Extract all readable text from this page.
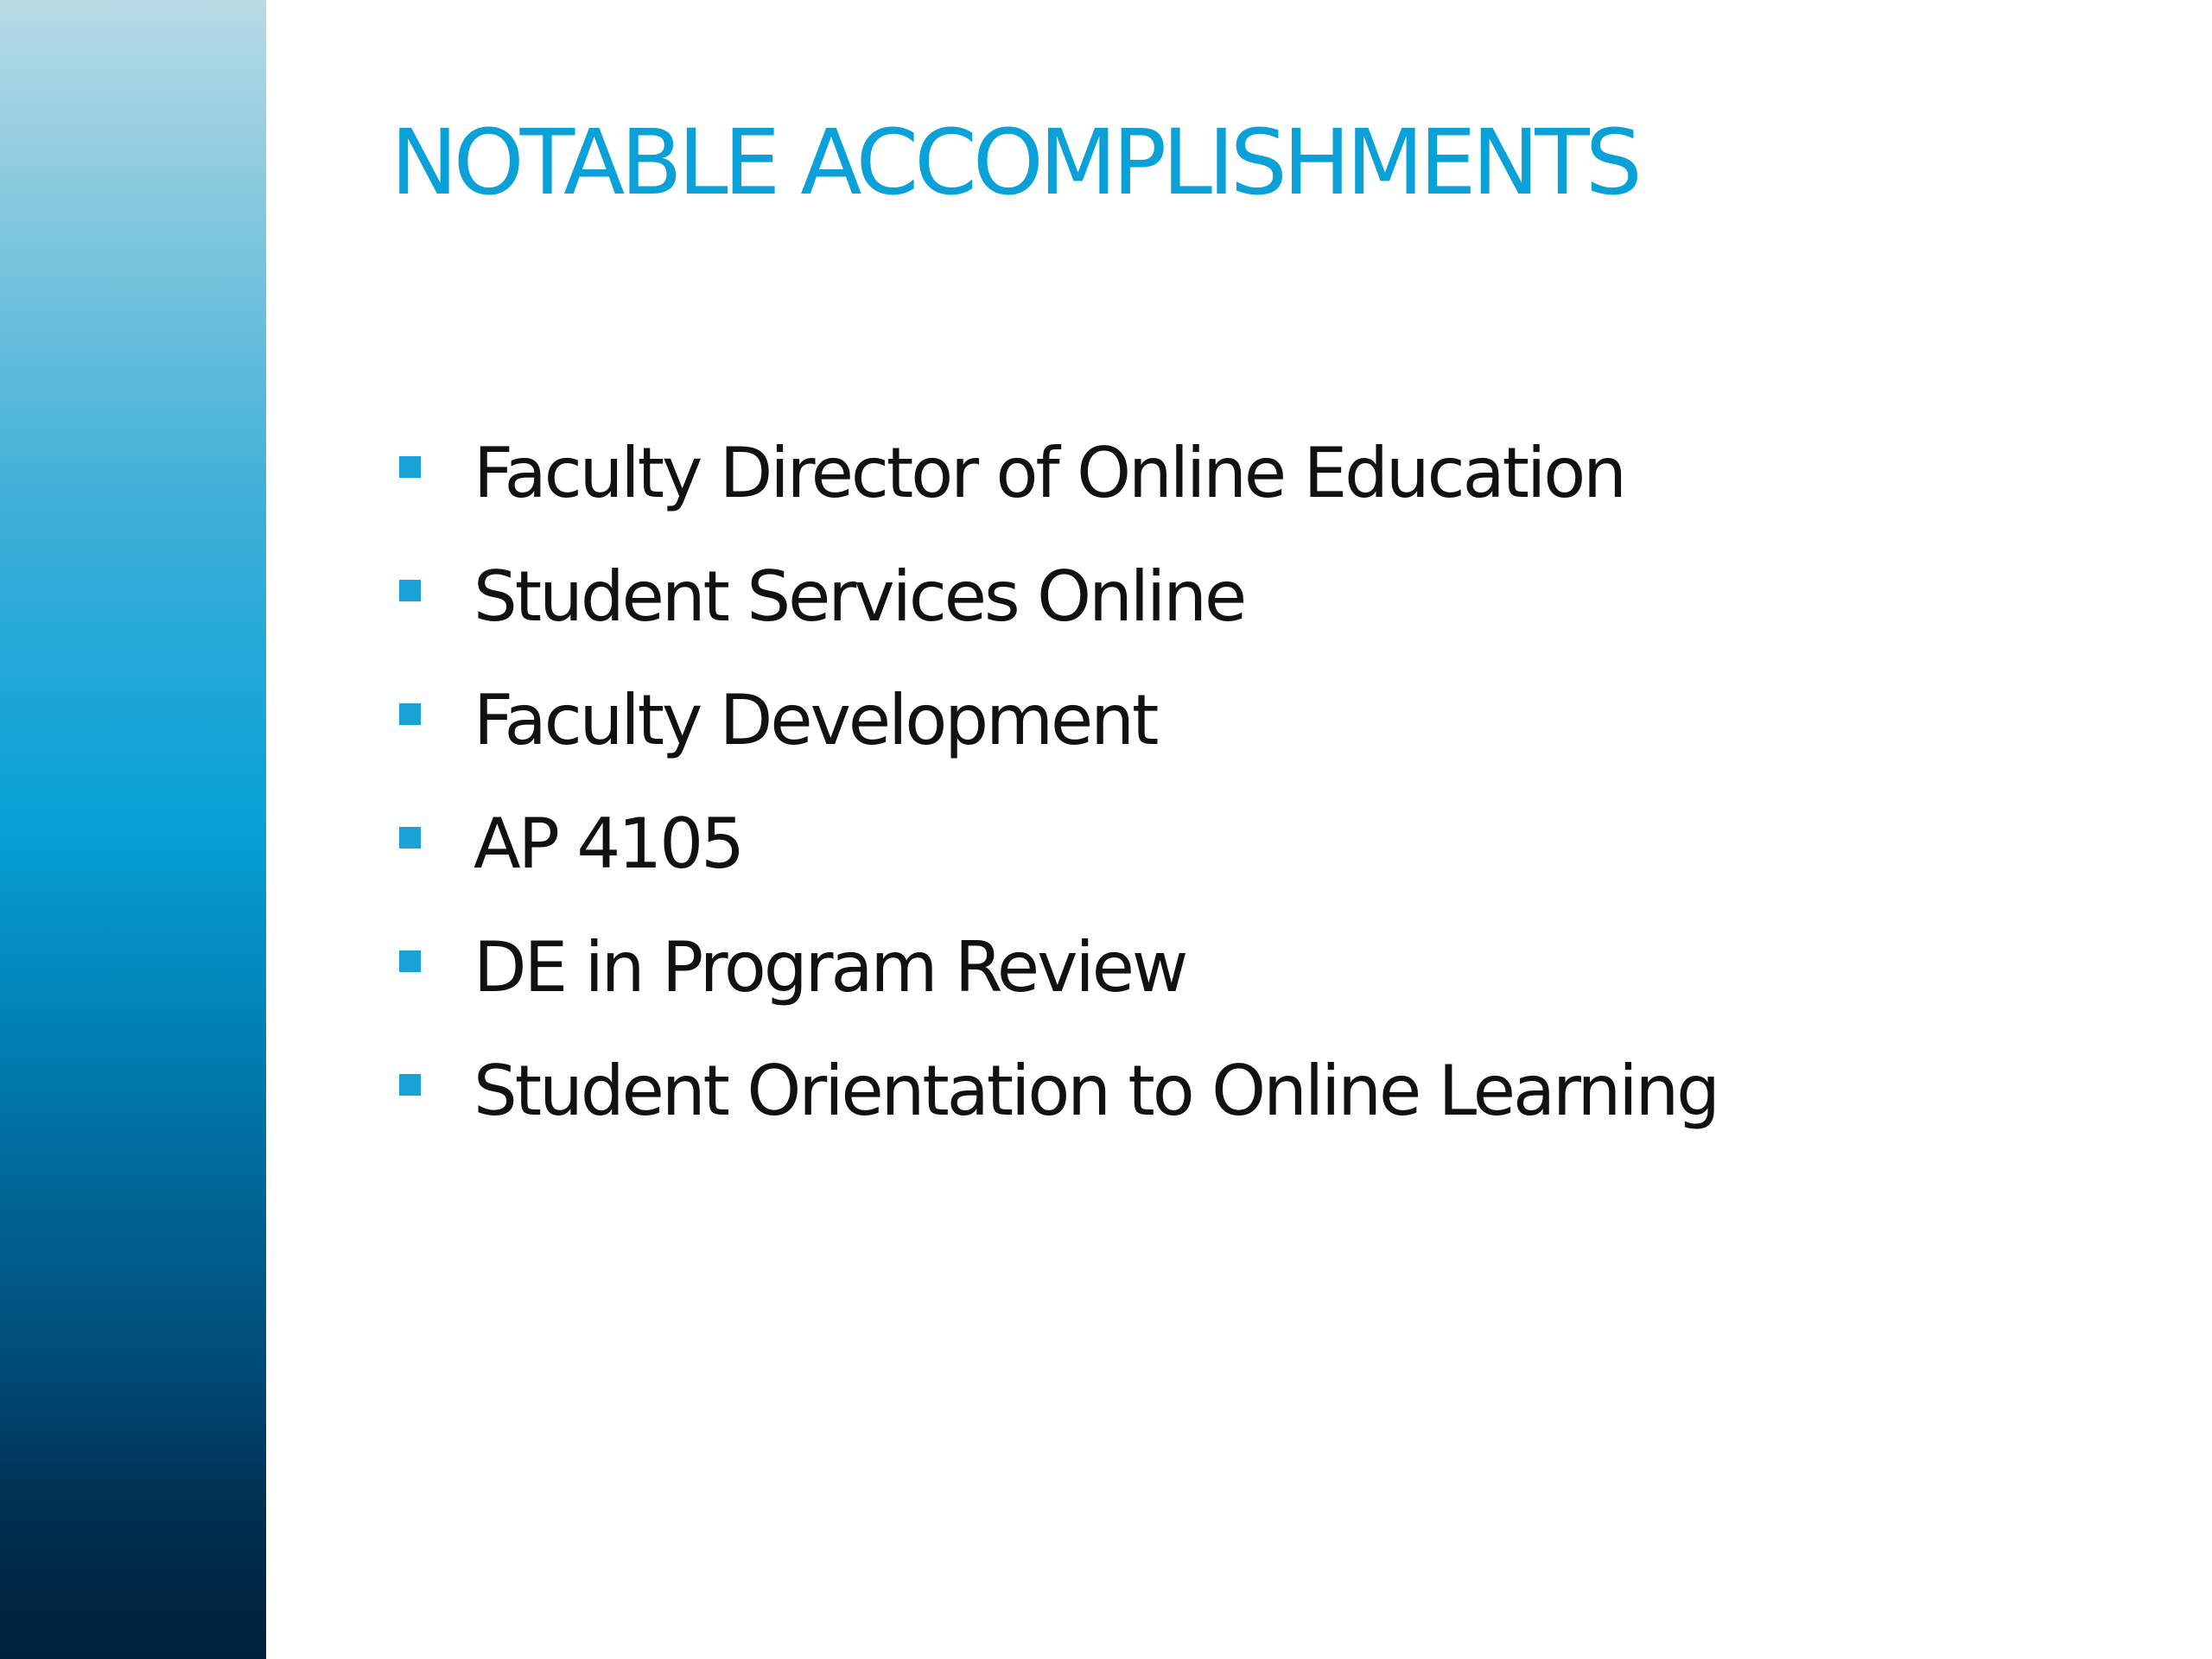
NOTABLE ACCOMPLISHMENTS
Faculty Director of Online Education
Student Services Online
Faculty Development
AP 4105
DE in Program Review
Student Orientation to Online Learning
